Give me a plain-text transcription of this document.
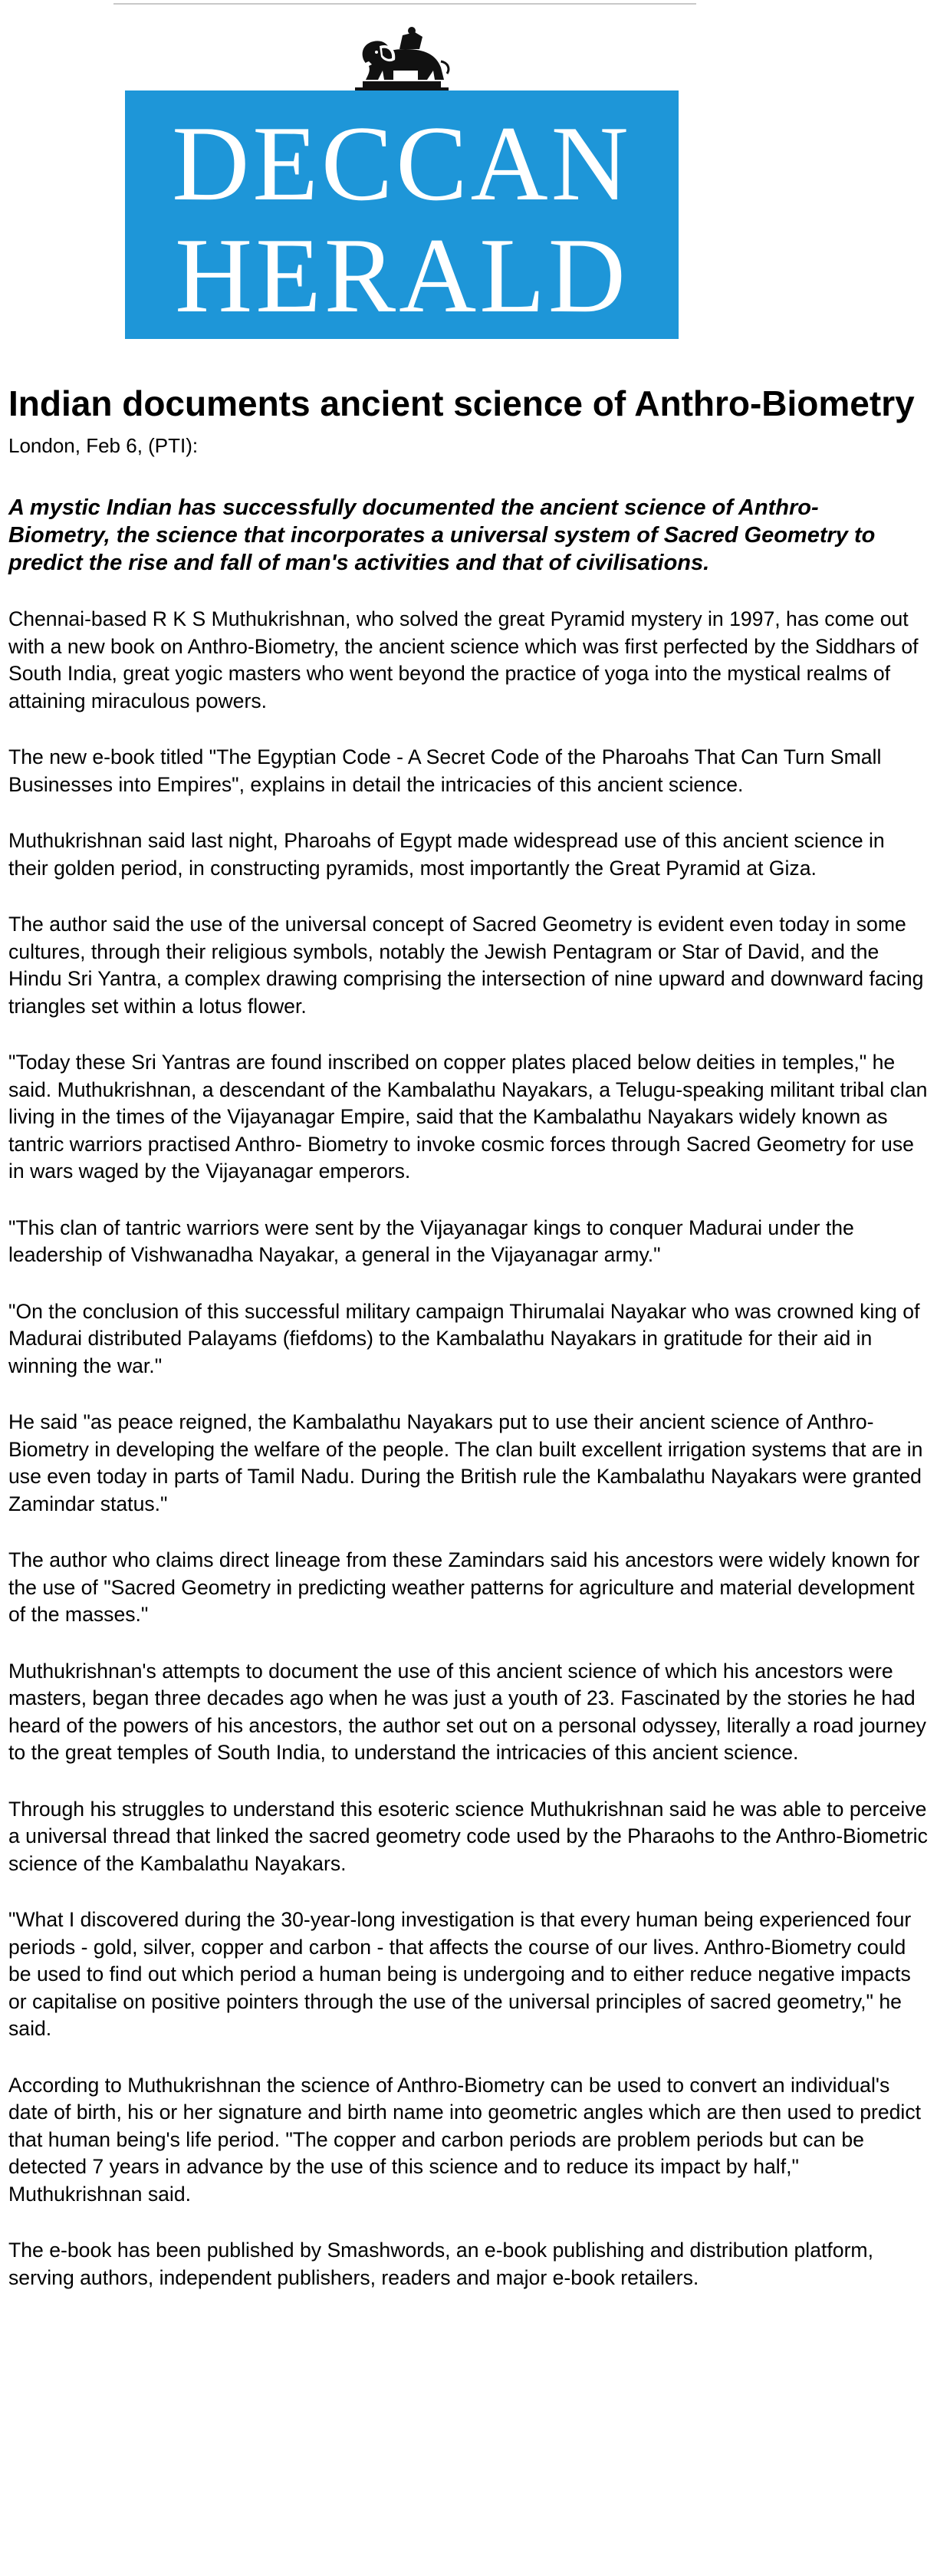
DECCAN
HERALD
Indian documents ancient science of Anthro-Biometry

London, Feb 6, (PTI):

A mystic Indian has successfully documented the ancient science of Anthro-Biometry, the science that incorporates a universal system of Sacred Geometry to predict the rise and fall of man's activities and that of civilisations.

Chennai-based R K S Muthukrishnan, who solved the great Pyramid mystery in 1997, has come out with a new book on Anthro-Biometry, the ancient science which was first perfected by the Siddhars of South India, great yogic masters who went beyond the practice of yoga into the mystical realms of attaining miraculous powers.

The new e-book titled "The Egyptian Code - A Secret Code of the Pharoahs That Can Turn Small Businesses into Empires", explains in detail the intricacies of this ancient science.

Muthukrishnan said last night, Pharoahs of Egypt made widespread use of this ancient science in their golden period, in constructing pyramids, most importantly the Great Pyramid at Giza.

The author said the use of the universal concept of Sacred Geometry is evident even today in some cultures, through their religious symbols, notably the Jewish Pentagram or Star of David, and the Hindu Sri Yantra, a complex drawing comprising the intersection of nine upward and downward facing triangles set within a lotus flower.

"Today these Sri Yantras are found inscribed on copper plates placed below deities in temples," he said. Muthukrishnan, a descendant of the Kambalathu Nayakars, a Telugu-speaking militant tribal clan living in the times of the Vijayanagar Empire, said that the Kambalathu Nayakars widely known as tantric warriors practised Anthro- Biometry to invoke cosmic forces through Sacred Geometry for use in wars waged by the Vijayanagar emperors.

"This clan of tantric warriors were sent by the Vijayanagar kings to conquer Madurai under the leadership of Vishwanadha Nayakar, a general in the Vijayanagar army."

"On the conclusion of this successful military campaign Thirumalai Nayakar who was crowned king of Madurai distributed Palayams (fiefdoms) to the Kambalathu Nayakars in gratitude for their aid in winning the war."

He said "as peace reigned, the Kambalathu Nayakars put to use their ancient science of Anthro-Biometry in developing the welfare of the people. The clan built excellent irrigation systems that are in use even today in parts of Tamil Nadu. During the British rule the Kambalathu Nayakars were granted Zamindar status."

The author who claims direct lineage from these Zamindars said his ancestors were widely known for the use of "Sacred Geometry in predicting weather patterns for agriculture and material development of the masses."

Muthukrishnan's attempts to document the use of this ancient science of which his ancestors were masters, began three decades ago when he was just a youth of 23. Fascinated by the stories he had heard of the powers of his ancestors, the author set out on a personal odyssey, literally a road journey to the great temples of South India, to understand the intricacies of this ancient science.

Through his struggles to understand this esoteric science Muthukrishnan said he was able to perceive a universal thread that linked the sacred geometry code used by the Pharaohs to the Anthro-Biometric science of the Kambalathu Nayakars.

"What I discovered during the 30-year-long investigation is that every human being experienced four periods - gold, silver, copper and carbon - that affects the course of our lives. Anthro-Biometry could be used to find out which period a human being is undergoing and to either reduce negative impacts or capitalise on positive pointers through the use of the universal principles of sacred geometry," he said.

According to Muthukrishnan the science of Anthro-Biometry can be used to convert an individual's date of birth, his or her signature and birth name into geometric angles which are then used to predict that human being's life period. "The copper and carbon periods are problem periods but can be detected 7 years in advance by the use of this science and to reduce its impact by half," Muthukrishnan said.

The e-book has been published by Smashwords, an e-book publishing and distribution platform, serving authors, independent publishers, readers and major e-book retailers.
